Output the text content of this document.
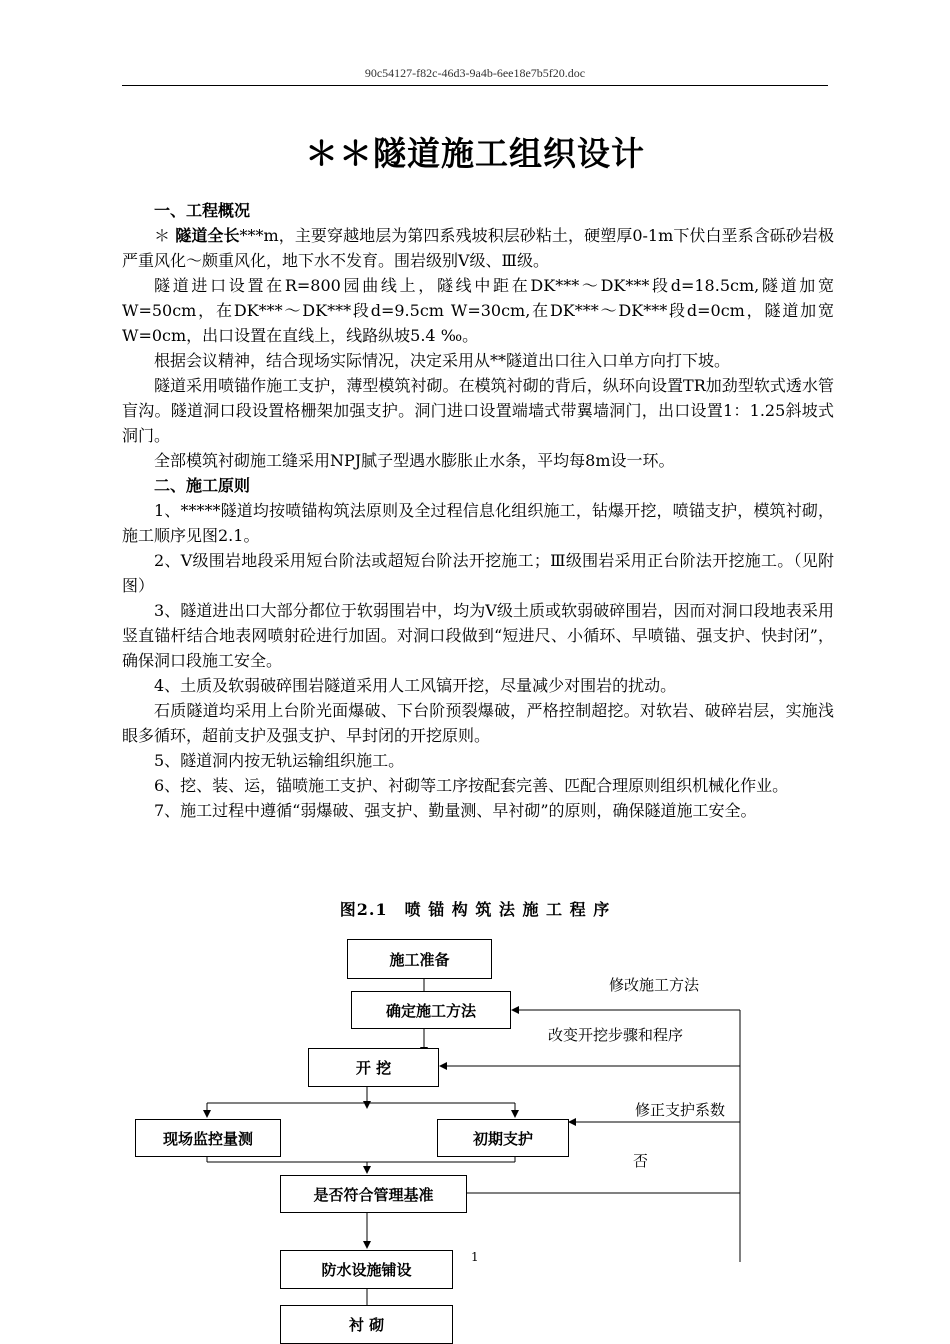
90c54127-f82c-46d3-9a4b-6ee18e7b5f20.doc
＊＊隧道施工组织设计
一、工程概况

＊ 隧道全长***m，主要穿越地层为第四系残坡积层砂粘土，硬塑厚0-1m下伏白垩系含砾砂岩极严重风化～颇重风化，地下水不发育。围岩级别Ⅴ级、Ⅲ级。

隧道进口设置在R=800园曲线上，隧线中距在DK***～DK***段d=18.5cm,隧道加宽W=50cm，在DK***～DK***段d=9.5cm W=30cm,在DK***～DK***段d=0cm，隧道加宽W=0cm，出口设置在直线上，线路纵坡5.4 ‰。

根据会议精神，结合现场实际情况，决定采用从**隧道出口往入口单方向打下坡。

隧道采用喷锚作施工支护，薄型模筑衬砌。在模筑衬砌的背后，纵环向设置TR加劲型软式透水管盲沟。隧道洞口段设置格栅架加强支护。洞门进口设置端墙式带翼墙洞门，出口设置1：1.25斜坡式洞门。

全部模筑衬砌施工缝采用NPJ腻子型遇水膨胀止水条，平均每8m设一环。

二、施工原则

1、*****隧道均按喷锚构筑法原则及全过程信息化组织施工，钻爆开挖，喷锚支护，模筑衬砌，施工顺序见图2.1。

2、Ⅴ级围岩地段采用短台阶法或超短台阶法开挖施工；Ⅲ级围岩采用正台阶法开挖施工。（见附图）

3、隧道进出口大部分都位于软弱围岩中，均为Ⅴ级土质或软弱破碎围岩，因而对洞口段地表采用竖直锚杆结合地表网喷射砼进行加固。对洞口段做到“短进尺、小循环、早喷锚、强支护、快封闭”，确保洞口段施工安全。

4、土质及软弱破碎围岩隧道采用人工风镐开挖，尽量减少对围岩的扰动。

石质隧道均采用上台阶光面爆破、下台阶预裂爆破，严格控制超挖。对软岩、破碎岩层，实施浅眼多循环，超前支护及强支护、早封闭的开挖原则。

5、隧道洞内按无轨运输组织施工。

6、挖、装、运，锚喷施工支护、衬砌等工序按配套完善、匹配合理原则组织机械化作业。

7、施工过程中遵循“弱爆破、强支护、勤量测、早衬砌”的原则，确保隧道施工安全。

图2.1　喷 锚 构 筑 法 施 工 程 序
施工准备
确定施工方法
开 挖
现场监控量测	初期支护
是否符合管理基准
防水设施铺设
衬 砌
修改施工方法
改变开挖步骤和程序
修正支护系数
否
1
